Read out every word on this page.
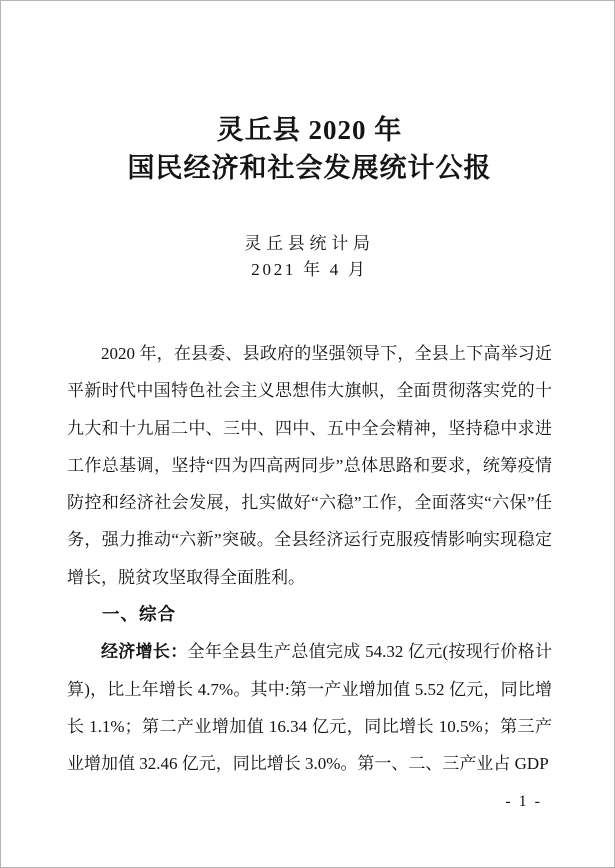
灵丘县 2020 年
国民经济和社会发展统计公报
灵丘县统计局
2021 年 4 月

2020 年，在县委、县政府的坚强领导下，全县上下高举习近平新时代中国特色社会主义思想伟大旗帜，全面贯彻落实党的十九大和十九届二中、三中、四中、五中全会精神，坚持稳中求进工作总基调，坚持“四为四高两同步”总体思路和要求，统筹疫情防控和经济社会发展，扎实做好“六稳”工作，全面落实“六保”任务，强力推动“六新”突破。全县经济运行克服疫情影响实现稳定增长，脱贫攻坚取得全面胜利。

一、综合

经济增长：全年全县生产总值完成 54.32 亿元(按现行价格计算)，比上年增长 4.7%。其中:第一产业增加值 5.52 亿元，同比增长 1.1%；第二产业增加值 16.34 亿元，同比增长 10.5%；第三产业增加值 32.46 亿元，同比增长 3.0%。第一、二、三产业占 GDP

- 1 -
